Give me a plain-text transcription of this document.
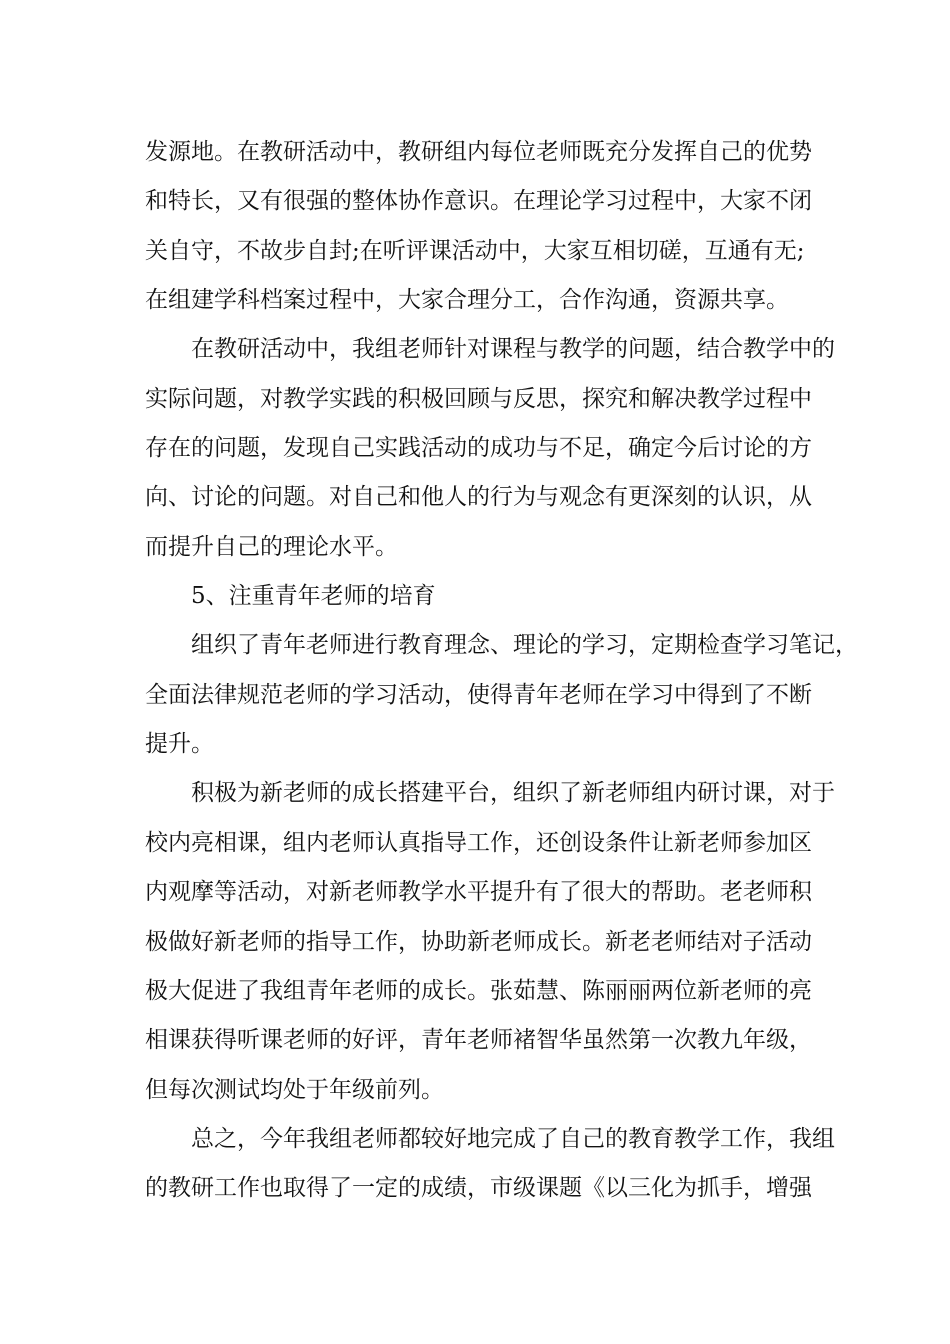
发源地。在教研活动中，教研组内每位老师既充分发挥自己的优势
和特长，又有很强的整体协作意识。在理论学习过程中，大家不闭
关自守，不故步自封;在听评课活动中，大家互相切磋，互通有无;
在组建学科档案过程中，大家合理分工，合作沟通，资源共享。
　　在教研活动中，我组老师针对课程与教学的问题，结合教学中的
实际问题，对教学实践的积极回顾与反思，探究和解决教学过程中
存在的问题，发现自己实践活动的成功与不足，确定今后讨论的方
向、讨论的问题。对自己和他人的行为与观念有更深刻的认识，从
而提升自己的理论水平。
　　5、注重青年老师的培育
　　组织了青年老师进行教育理念、理论的学习，定期检查学习笔记，
全面法律规范老师的学习活动，使得青年老师在学习中得到了不断
提升。
　　积极为新老师的成长搭建平台，组织了新老师组内研讨课，对于
校内亮相课，组内老师认真指导工作，还创设条件让新老师参加区
内观摩等活动，对新老师教学水平提升有了很大的帮助。老老师积
极做好新老师的指导工作，协助新老师成长。新老老师结对子活动
极大促进了我组青年老师的成长。张茹慧、陈丽丽两位新老师的亮
相课获得听课老师的好评，青年老师褚智华虽然第一次教九年级，
但每次测试均处于年级前列。
　　总之，今年我组老师都较好地完成了自己的教育教学工作，我组
的教研工作也取得了一定的成绩，市级课题《以三化为抓手，增强
